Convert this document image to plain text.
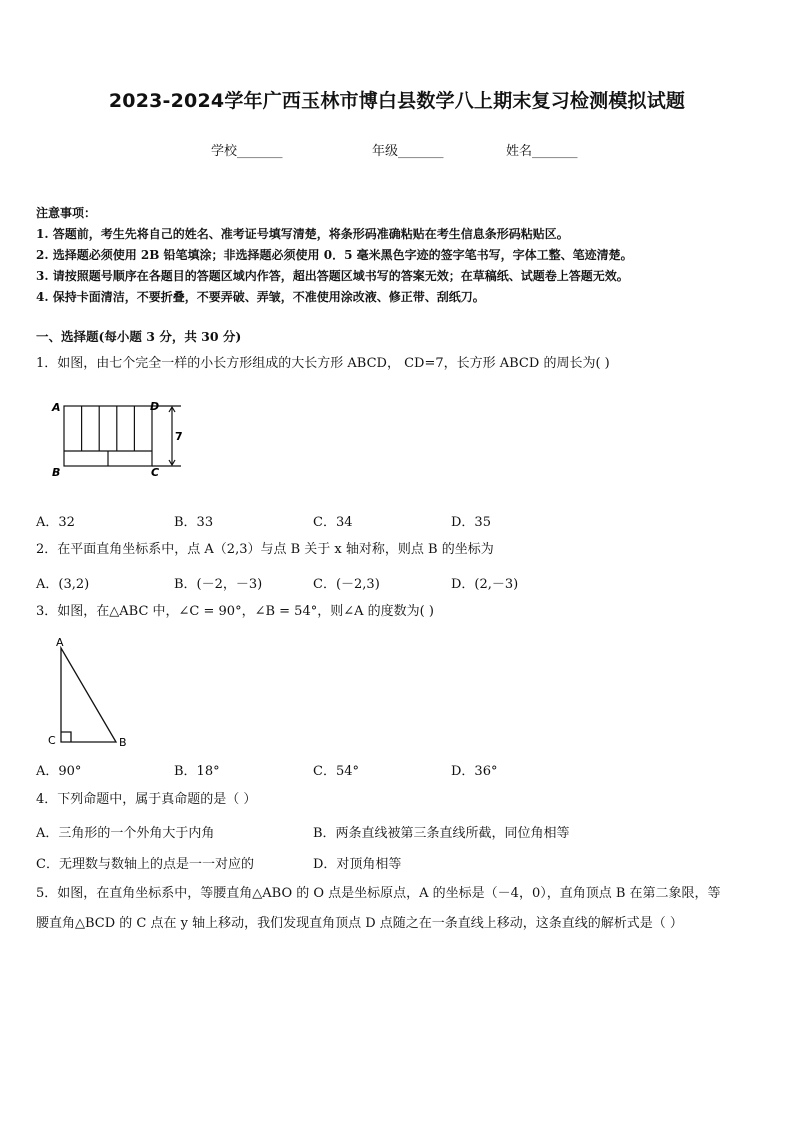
2023-2024学年广西玉林市博白县数学八上期末复习检测模拟试题
学校_______	年级_______	姓名_______
注意事项：
1. 答题前，考生先将自己的姓名、准考证号填写清楚，将条形码准确粘贴在考生信息条形码粘贴区。
2. 选择题必须使用 2B 铅笔填涂；非选择题必须使用 0．5 毫米黑色字迹的签字笔书写，字体工整、笔迹清楚。
3. 请按照题号顺序在各题目的答题区域内作答，超出答题区域书写的答案无效；在草稿纸、试题卷上答题无效。
4. 保持卡面清洁，不要折叠，不要弄破、弄皱，不准使用涂改液、修正带、刮纸刀。
一、选择题(每小题 3 分，共 30 分)
1．如图，由七个完全一样的小长方形组成的大长方形 ABCD， CD=7，长方形 ABCD 的周长为( )
A
B	C
D
7
A．32	B．33	C．34	D．35
2．在平面直角坐标系中，点 A（2,3）与点 B 关于 x 轴对称，则点 B 的坐标为
A．(3,2)	B．(－2，－3)	C．(－2,3)	D．(2,－3)
3．如图，在△ABC 中，∠C = 90°，∠B = 54°，则∠A 的度数为( )
A
C	B
A．90°	B．18°	C．54°	D．36°
4．下列命题中，属于真命题的是（ ）
A．三角形的一个外角大于内角	B．两条直线被第三条直线所截，同位角相等
C．无理数与数轴上的点是一一对应的	D．对顶角相等
5．如图，在直角坐标系中，等腰直角△ABO 的 O 点是坐标原点，A 的坐标是（－4，0），直角顶点 B 在第二象限，等
腰直角△BCD 的 C 点在 y 轴上移动，我们发现直角顶点 D 点随之在一条直线上移动，这条直线的解析式是（ ）
